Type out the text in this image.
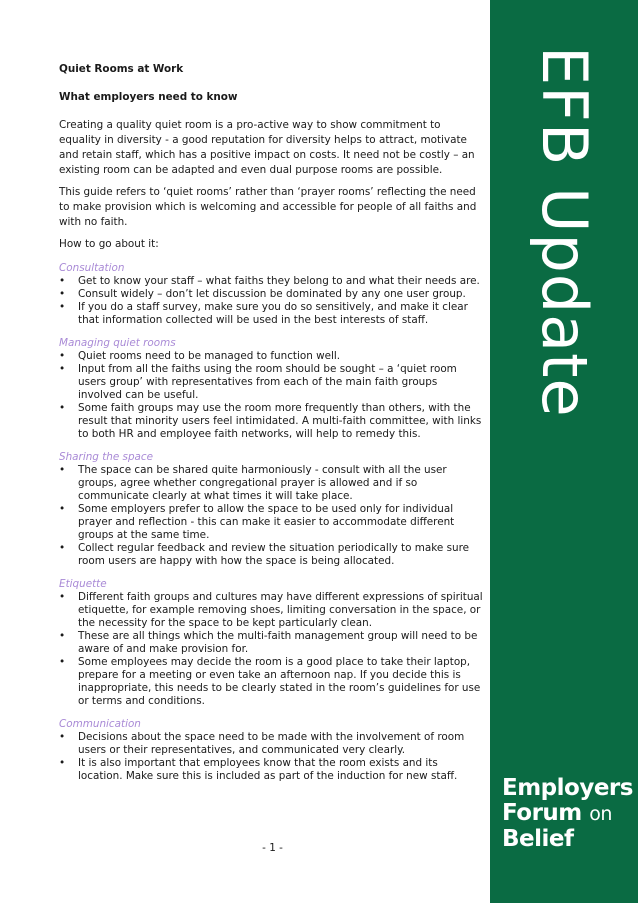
Quiet Rooms at Work

What employers need to know

Creating a quality quiet room is a pro-active way to show commitment to equality in diversity - a good reputation for diversity helps to attract, motivate and retain staff, which has a positive impact on costs. It need not be costly – an existing room can be adapted and even dual purpose rooms are possible.

This guide refers to ‘quiet rooms’ rather than ‘prayer rooms’ reflecting the need to make provision which is welcoming and accessible for people of all faiths and with no faith.

How to go about it:

Consultation

• Get to know your staff – what faiths they belong to and what their needs are.
• Consult widely – don’t let discussion be dominated by any one user group.
• If you do a staff survey, make sure you do so sensitively, and make it clear that information collected will be used in the best interests of staff.

Managing quiet rooms

• Quiet rooms need to be managed to function well.
• Input from all the faiths using the room should be sought – a ‘quiet room users group’ with representatives from each of the main faith groups involved can be useful.
• Some faith groups may use the room more frequently than others, with the result that minority users feel intimidated. A multi-faith committee, with links to both HR and employee faith networks, will help to remedy this.

Sharing the space

• The space can be shared quite harmoniously - consult with all the user groups, agree whether congregational prayer is allowed and if so communicate clearly at what times it will take place.
• Some employers prefer to allow the space to be used only for individual prayer and reflection - this can make it easier to accommodate different groups at the same time.
• Collect regular feedback and review the situation periodically to make sure room users are happy with how the space is being allocated.

Etiquette

• Different faith groups and cultures may have different expressions of spiritual etiquette, for example removing shoes, limiting conversation in the space, or the necessity for the space to be kept particularly clean.
• These are all things which the multi-faith management group will need to be aware of and make provision for.
• Some employees may decide the room is a good place to take their laptop, prepare for a meeting or even take an afternoon nap. If you decide this is inappropriate, this needs to be clearly stated in the room’s guidelines for use or terms and conditions.

Communication

• Decisions about the space need to be made with the involvement of room users or their representatives, and communicated very clearly.
• It is also important that employees know that the room exists and its location. Make sure this is included as part of the induction for new staff.
- 1 -
EFB Update
Employers
Forum on
Belief
